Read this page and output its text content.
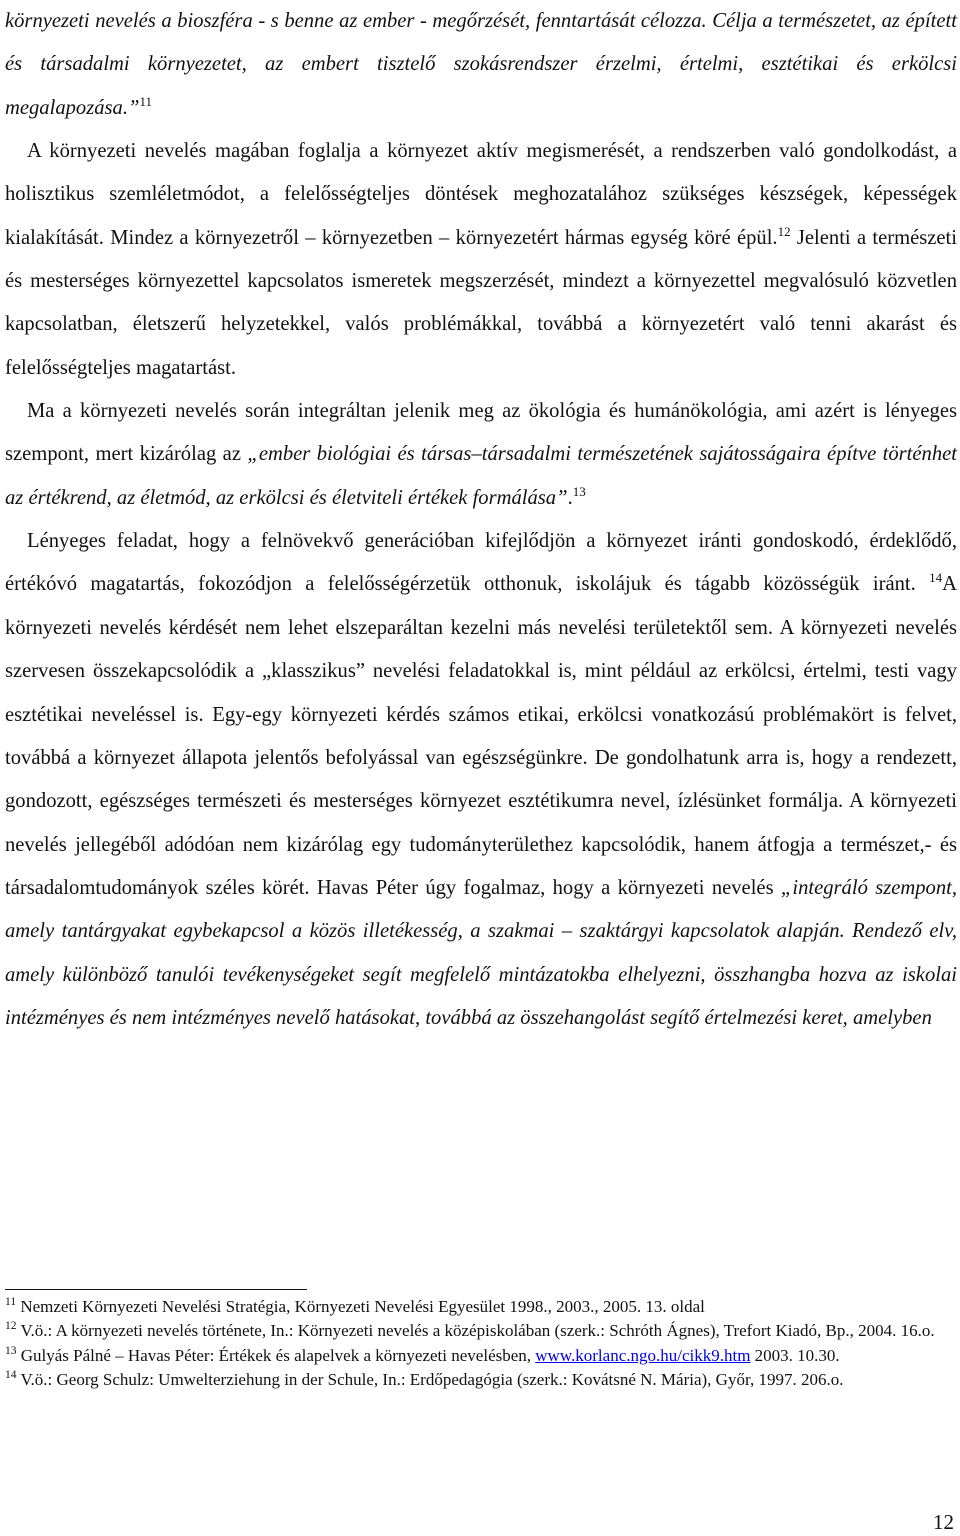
környezeti nevelés a bioszféra - s benne az ember - megőrzését, fenntartását célozza. Célja a természetet, az épített és társadalmi környezetet, az embert tisztelő szokásrendszer érzelmi, értelmi, esztétikai és erkölcsi megalapozása.”$^{11}$

A környezeti nevelés magában foglalja a környezet aktív megismerését, a rendszerben való gondolkodást, a holisztikus szemléletmódot, a felelősségteljes döntések meghozatalához szükséges készségek, képességek kialakítását. Mindez a környezetről – környezetben – környezetért hármas egység köré épül.$^{12}$ Jelenti a természeti és mesterséges környezettel kapcsolatos ismeretek megszerzését, mindezt a környezettel megvalósuló közvetlen kapcsolatban, életszerű helyzetekkel, valós problémákkal, továbbá a környezetért való tenni akarást és felelősségteljes magatartást.

Ma a környezeti nevelés során integráltan jelenik meg az ökológia és humánökológia, ami azért is lényeges szempont, mert kizárólag az „ember biológiai és társas–társadalmi természetének sajátosságaira építve történhet az értékrend, az életmód, az erkölcsi és életviteli értékek formálása”.$^{13}$

Lényeges feladat, hogy a felnövekvő generációban kifejlődjön a környezet iránti gondoskodó, érdeklődő, értékóvó magatartás, fokozódjon a felelősségérzetük otthonuk, iskolájuk és tágabb közösségük iránt. $^{14}$A környezeti nevelés kérdését nem lehet elszeparáltan kezelni más nevelési területektől sem. A környezeti nevelés szervesen összekapcsolódik a „klasszikus” nevelési feladatokkal is, mint például az erkölcsi, értelmi, testi vagy esztétikai neveléssel is. Egy-egy környezeti kérdés számos etikai, erkölcsi vonatkozású problémakört is felvet, továbbá a környezet állapota jelentős befolyással van egészségünkre. De gondolhatunk arra is, hogy a rendezett, gondozott, egészséges természeti és mesterséges környezet esztétikumra nevel, ízlésünket formálja. A környezeti nevelés jellegéből adódóan nem kizárólag egy tudományterülethez kapcsolódik, hanem átfogja a természet,- és társadalomtudományok széles körét. Havas Péter úgy fogalmaz, hogy a környezeti nevelés „integráló szempont, amely tantárgyakat egybekapcsol a közös illetékesség, a szakmai – szaktárgyi kapcsolatok alapján. Rendező elv, amely különböző tanulói tevékenységeket segít megfelelő mintázatokba elhelyezni, összhangba hozva az iskolai intézményes és nem intézményes nevelő hatásokat, továbbá az összehangolást segítő értelmezési keret, amelyben

$^{11}$ Nemzeti Környezeti Nevelési Stratégia, Környezeti Nevelési Egyesület 1998., 2003., 2005. 13. oldal

$^{12}$ V.ö.: A környezeti nevelés története, In.: Környezeti nevelés a középiskolában (szerk.: Schróth Ágnes), Trefort Kiadó, Bp., 2004. 16.o.

$^{13}$ Gulyás Pálné – Havas Péter: Értékek és alapelvek a környezeti nevelésben, www.korlanc.ngo.hu/cikk9.htm 2003. 10.30.

$^{14}$ V.ö.: Georg Schulz: Umwelterziehung in der Schule, In.: Erdőpedagógia (szerk.: Kovátsné N. Mária), Győr, 1997. 206.o.

12
